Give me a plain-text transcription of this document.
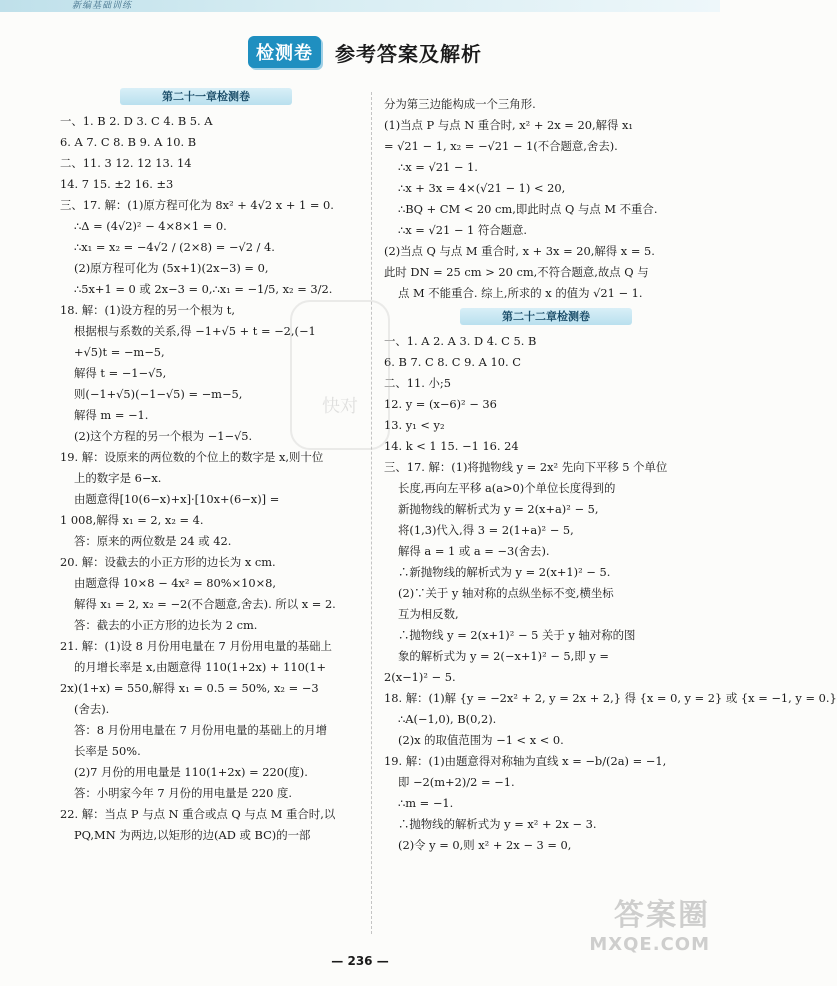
新编基础训练
检测卷	参考答案及解析
第二十一章检测卷
一、1. B 2. D 3. C 4. B 5. A
6. A 7. C 8. B 9. A 10. B
二、11. 3 12. 12 13. 14
14. 7 15. ±2 16. ±3
三、17. 解：(1)原方程可化为 8x² + 4√2 x + 1 = 0.
∴Δ = (4√2)² − 4×8×1 = 0.
∴x₁ = x₂ = −4√2 / (2×8) = −√2 / 4.
(2)原方程可化为 (5x+1)(2x−3) = 0,
∴5x+1 = 0 或 2x−3 = 0,∴x₁ = −1/5, x₂ = 3/2.
18. 解：(1)设方程的另一个根为 t,
根据根与系数的关系,得 −1+√5 + t = −2,(−1
+√5)t = −m−5,
解得 t = −1−√5,
则(−1+√5)(−1−√5) = −m−5,
解得 m = −1.
(2)这个方程的另一个根为 −1−√5.
19. 解：设原来的两位数的个位上的数字是 x,则十位
上的数字是 6−x.
由题意得[10(6−x)+x]·[10x+(6−x)] =
1 008,解得 x₁ = 2, x₂ = 4.
答：原来的两位数是 24 或 42.
20. 解：设截去的小正方形的边长为 x cm.
由题意得 10×8 − 4x² = 80%×10×8,
解得 x₁ = 2, x₂ = −2(不合题意,舍去). 所以 x = 2.
答：截去的小正方形的边长为 2 cm.
21. 解：(1)设 8 月份用电量在 7 月份用电量的基础上
的月增长率是 x,由题意得 110(1+2x) + 110(1+
2x)(1+x) = 550,解得 x₁ = 0.5 = 50%, x₂ = −3
(舍去).
答：8 月份用电量在 7 月份用电量的基础上的月增
长率是 50%.
(2)7 月份的用电量是 110(1+2x) = 220(度).
答：小明家今年 7 月份的用电量是 220 度.
22. 解：当点 P 与点 N 重合或点 Q 与点 M 重合时,以
PQ,MN 为两边,以矩形的边(AD 或 BC)的一部
分为第三边能构成一个三角形.
(1)当点 P 与点 N 重合时, x² + 2x = 20,解得 x₁
= √21 − 1, x₂ = −√21 − 1(不合题意,舍去).
∴x = √21 − 1.
∴x + 3x = 4×(√21 − 1) < 20,
∴BQ + CM < 20 cm,即此时点 Q 与点 M 不重合.
∴x = √21 − 1 符合题意.
(2)当点 Q 与点 M 重合时, x + 3x = 20,解得 x = 5.
此时 DN = 25 cm > 20 cm,不符合题意,故点 Q 与
点 M 不能重合. 综上,所求的 x 的值为 √21 − 1.
第二十二章检测卷
一、1. A 2. A 3. D 4. C 5. B
6. B 7. C 8. C 9. A 10. C
二、11. 小;5
12. y = (x−6)² − 36
13. y₁ < y₂
14. k < 1 15. −1 16. 24
三、17. 解：(1)将抛物线 y = 2x² 先向下平移 5 个单位
长度,再向左平移 a(a>0)个单位长度得到的
新抛物线的解析式为 y = 2(x+a)² − 5,
将(1,3)代入,得 3 = 2(1+a)² − 5,
解得 a = 1 或 a = −3(舍去).
∴新抛物线的解析式为 y = 2(x+1)² − 5.
(2)∵关于 y 轴对称的点纵坐标不变,横坐标
互为相反数,
∴抛物线 y = 2(x+1)² − 5 关于 y 轴对称的图
象的解析式为 y = 2(−x+1)² − 5,即 y =
2(x−1)² − 5.
18. 解：(1)解 {y = −2x² + 2, y = 2x + 2,} 得 {x = 0, y = 2} 或 {x = −1, y = 0.}
∴A(−1,0), B(0,2).
(2)x 的取值范围为 −1 < x < 0.
19. 解：(1)由题意得对称轴为直线 x = −b/(2a) = −1,
即 −2(m+2)/2 = −1.
∴m = −1.
∴抛物线的解析式为 y = x² + 2x − 3.
(2)令 y = 0,则 x² + 2x − 3 = 0,
快对
答案圈
MXQE.COM
— 236 —
